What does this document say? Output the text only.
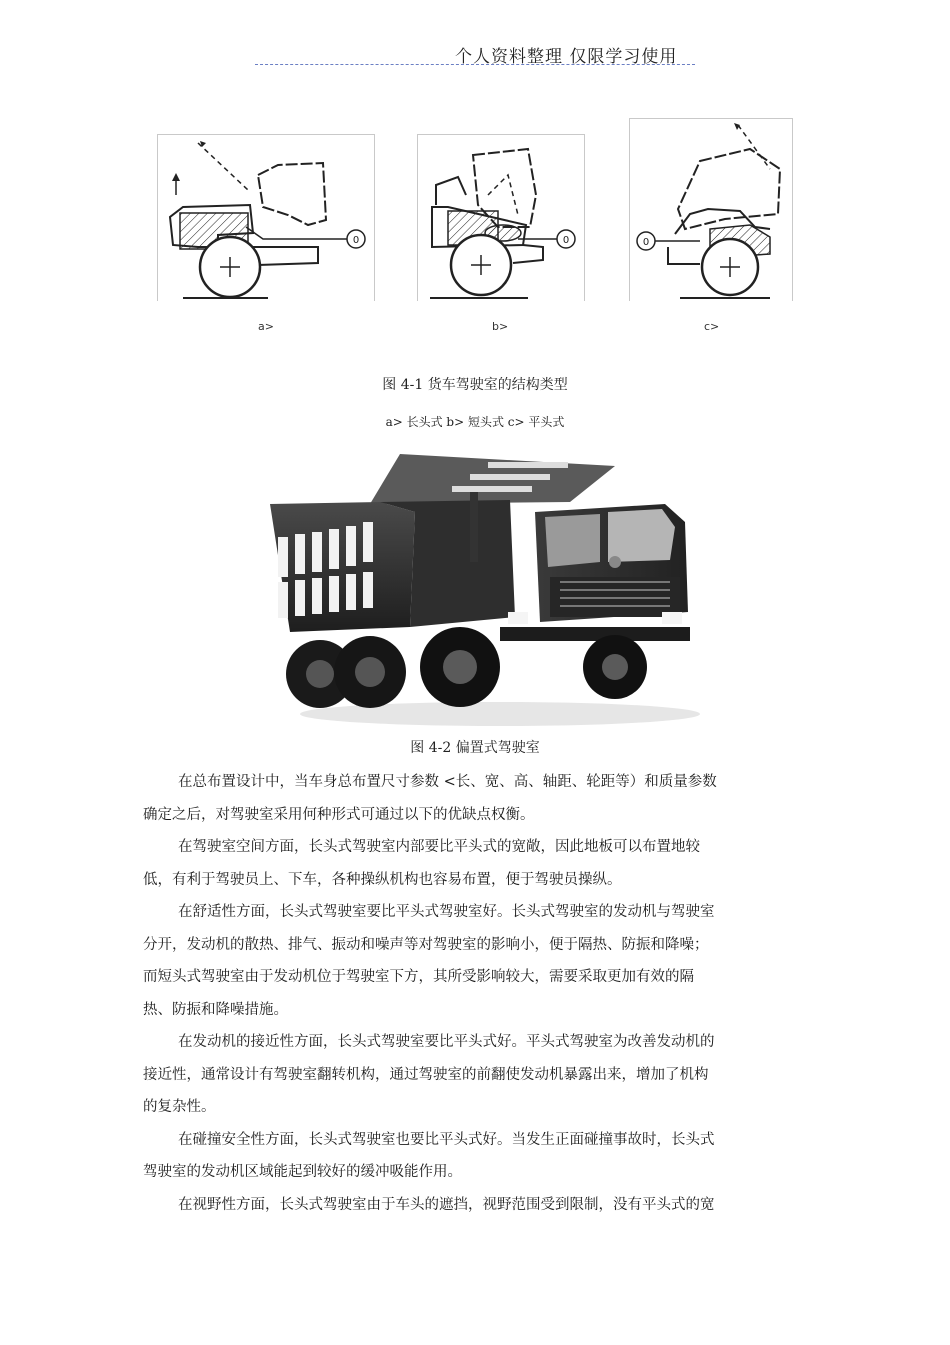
个人资料整理 仅限学习使用
0
a>
0
b>
0
c>
图 4-1 货车驾驶室的结构类型
a> 长头式 b> 短头式 c> 平头式
图 4-2 偏置式驾驶室

在总布置设计中，当车身总布置尺寸参数 <长、宽、高、轴距、轮距等）和质量参数

确定之后，对驾驶室采用何种形式可通过以下的优缺点权衡。

在驾驶室空间方面，长头式驾驶室内部要比平头式的宽敞，因此地板可以布置地较

低，有利于驾驶员上、下车，各种操纵机构也容易布置，便于驾驶员操纵。

在舒适性方面，长头式驾驶室要比平头式驾驶室好。长头式驾驶室的发动机与驾驶室

分开，发动机的散热、排气、振动和噪声等对驾驶室的影响小，便于隔热、防振和降噪；

而短头式驾驶室由于发动机位于驾驶室下方，其所受影响较大，需要采取更加有效的隔

热、防振和降噪措施。

在发动机的接近性方面，长头式驾驶室要比平头式好。平头式驾驶室为改善发动机的

接近性，通常设计有驾驶室翻转机构，通过驾驶室的前翻使发动机暴露出来，增加了机构

的复杂性。

在碰撞安全性方面，长头式驾驶室也要比平头式好。当发生正面碰撞事故时，长头式

驾驶室的发动机区域能起到较好的缓冲吸能作用。

在视野性方面，长头式驾驶室由于车头的遮挡，视野范围受到限制，没有平头式的宽
